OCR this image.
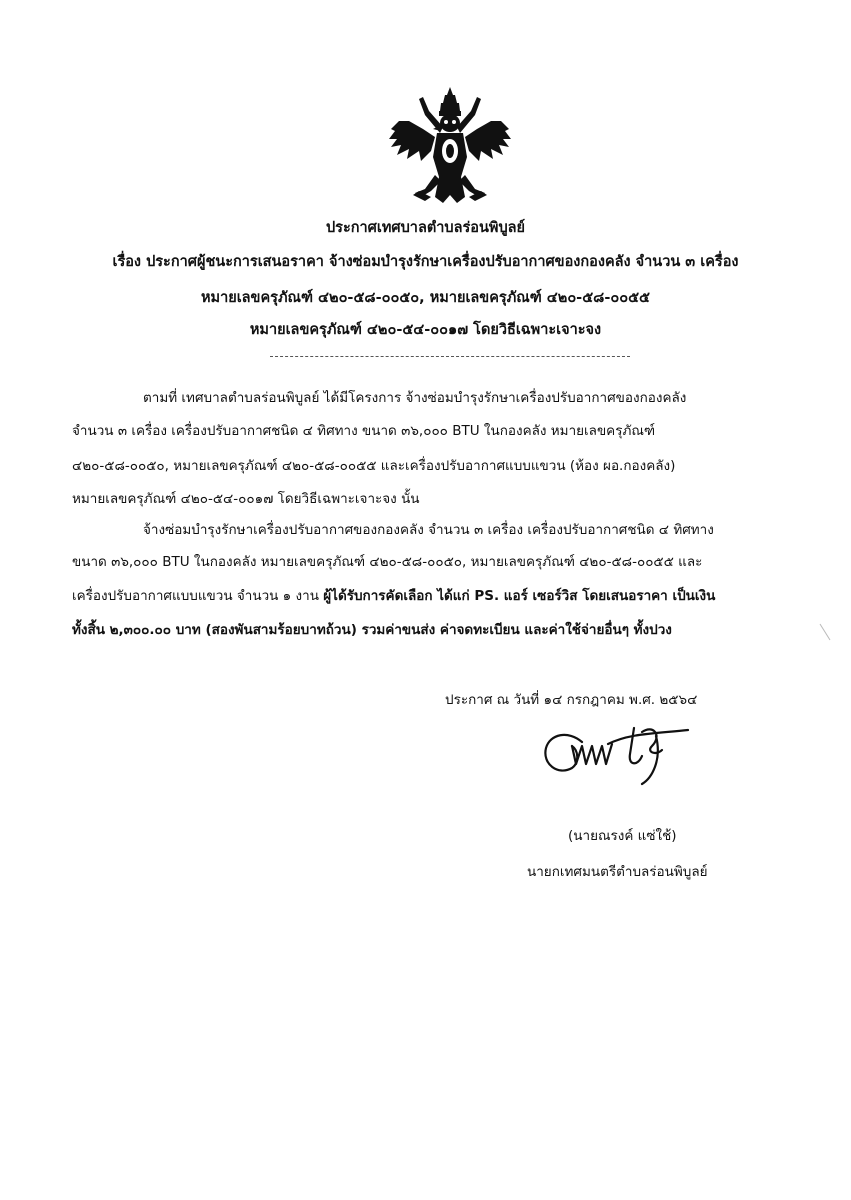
ประกาศเทศบาลตำบลร่อนพิบูลย์
เรื่อง ประกาศผู้ชนะการเสนอราคา จ้างซ่อมบำรุงรักษาเครื่องปรับอากาศของกองคลัง จำนวน ๓ เครื่อง
หมายเลขครุภัณฑ์ ๔๒๐-๕๘-๐๐๕๐, หมายเลขครุภัณฑ์ ๔๒๐-๕๘-๐๐๕๕
หมายเลขครุภัณฑ์ ๔๒๐-๕๔-๐๐๑๗ โดยวิธีเฉพาะเจาะจง
ตามที่ เทศบาลตำบลร่อนพิบูลย์ ได้มีโครงการ จ้างซ่อมบำรุงรักษาเครื่องปรับอากาศของกองคลัง
จำนวน ๓ เครื่อง เครื่องปรับอากาศชนิด ๔ ทิศทาง ขนาด ๓๖,๐๐๐ BTU ในกองคลัง หมายเลขครุภัณฑ์
๔๒๐-๕๘-๐๐๕๐, หมายเลขครุภัณฑ์ ๔๒๐-๕๘-๐๐๕๕ และเครื่องปรับอากาศแบบแขวน (ห้อง ผอ.กองคลัง)
หมายเลขครุภัณฑ์ ๔๒๐-๕๔-๐๐๑๗ โดยวิธีเฉพาะเจาะจง นั้น
จ้างซ่อมบำรุงรักษาเครื่องปรับอากาศของกองคลัง จำนวน ๓ เครื่อง เครื่องปรับอากาศชนิด ๔ ทิศทาง
ขนาด ๓๖,๐๐๐ BTU ในกองคลัง หมายเลขครุภัณฑ์ ๔๒๐-๕๘-๐๐๕๐, หมายเลขครุภัณฑ์ ๔๒๐-๕๘-๐๐๕๕ และ
เครื่องปรับอากาศแบบแขวน จำนวน ๑ งาน ผู้ได้รับการคัดเลือก ได้แก่ PS. แอร์ เซอร์วิส โดยเสนอราคา เป็นเงิน
ทั้งสิ้น ๒,๓๐๐.๐๐ บาท (สองพันสามร้อยบาทถ้วน) รวมค่าขนส่ง ค่าจดทะเบียน และค่าใช้จ่ายอื่นๆ ทั้งปวง
ประกาศ ณ วันที่ ๑๔ กรกฎาคม พ.ศ. ๒๕๖๔
(นายณรงค์ แซ่ใช้)
นายกเทศมนตรีตำบลร่อนพิบูลย์
